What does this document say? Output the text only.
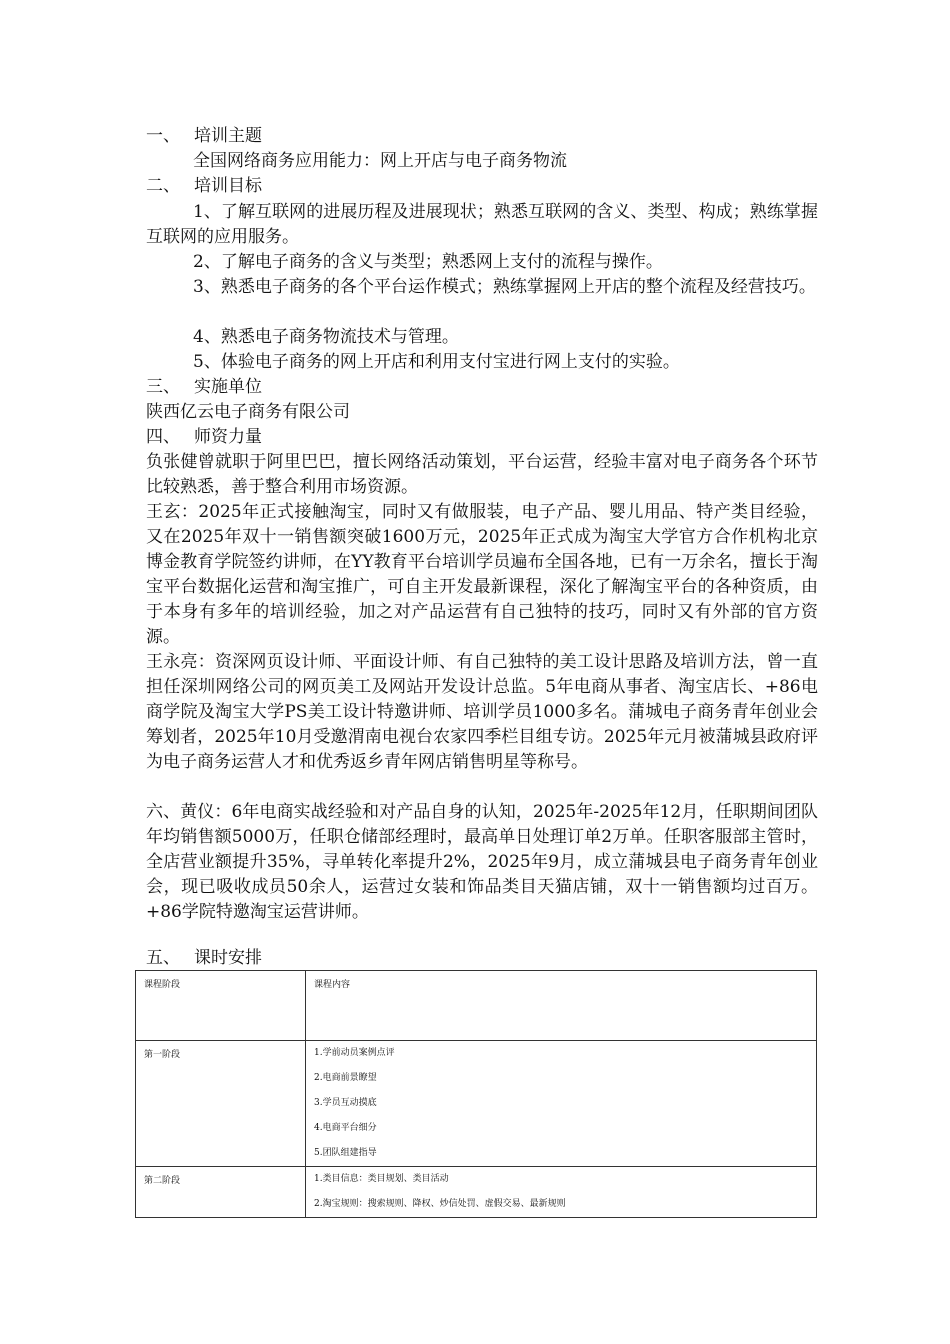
一、 培训主题
全国网络商务应用能力：网上开店与电子商务物流
二、 培训目标
1、了解互联网的进展历程及进展现状；熟悉互联网的含义、类型、构成；熟练掌握互联网的应用服务。
2、了解电子商务的含义与类型；熟悉网上支付的流程与操作。
3、熟悉电子商务的各个平台运作模式；熟练掌握网上开店的整个流程及经营技巧。
4、熟悉电子商务物流技术与管理。
5、体验电子商务的网上开店和利用支付宝进行网上支付的实验。
三、 实施单位
陕西亿云电子商务有限公司
四、 师资力量
负张健曾就职于阿里巴巴，擅长网络活动策划，平台运营，经验丰富对电子商务各个环节比较熟悉，善于整合利用市场资源。
王玄：2025年正式接触淘宝，同时又有做服装，电子产品、婴儿用品、特产类目经验，又在2025年双十一销售额突破1600万元，2025年正式成为淘宝大学官方合作机构北京博金教育学院签约讲师，在YY教育平台培训学员遍布全国各地，已有一万余名，擅长于淘宝平台数据化运营和淘宝推广，可自主开发最新课程，深化了解淘宝平台的各种资质，由于本身有多年的培训经验，加之对产品运营有自己独特的技巧，同时又有外部的官方资源。
王永亮：资深网页设计师、平面设计师、有自己独特的美工设计思路及培训方法，曾一直担任深圳网络公司的网页美工及网站开发设计总监。5年电商从事者、淘宝店长、+86电商学院及淘宝大学PS美工设计特邀讲师、培训学员1000多名。蒲城电子商务青年创业会筹划者，2025年10月受邀渭南电视台农家四季栏目组专访。2025年元月被蒲城县政府评为电子商务运营人才和优秀返乡青年网店销售明星等称号。
六、黄仪：6年电商实战经验和对产品自身的认知，2025年-2025年12月，任职期间团队年均销售额5000万，任职仓储部经理时，最高单日处理订单2万单。任职客服部主管时，全店营业额提升35%，寻单转化率提升2%，2025年9月，成立蒲城县电子商务青年创业会，现已吸收成员50余人，运营过女装和饰品类目天猫店铺，双十一销售额均过百万。+86学院特邀淘宝运营讲师。
五、 课时安排
课程阶段	课程内容
第一阶段	1.学前动员案例点评
2.电商前景瞭望
3.学员互动摸底
4.电商平台细分
5.团队组建指导

第二阶段	1.类目信息：类目规划、类目活动
2.淘宝规则：搜索规则、降权、炒信处罚、虚假交易、最新规则
